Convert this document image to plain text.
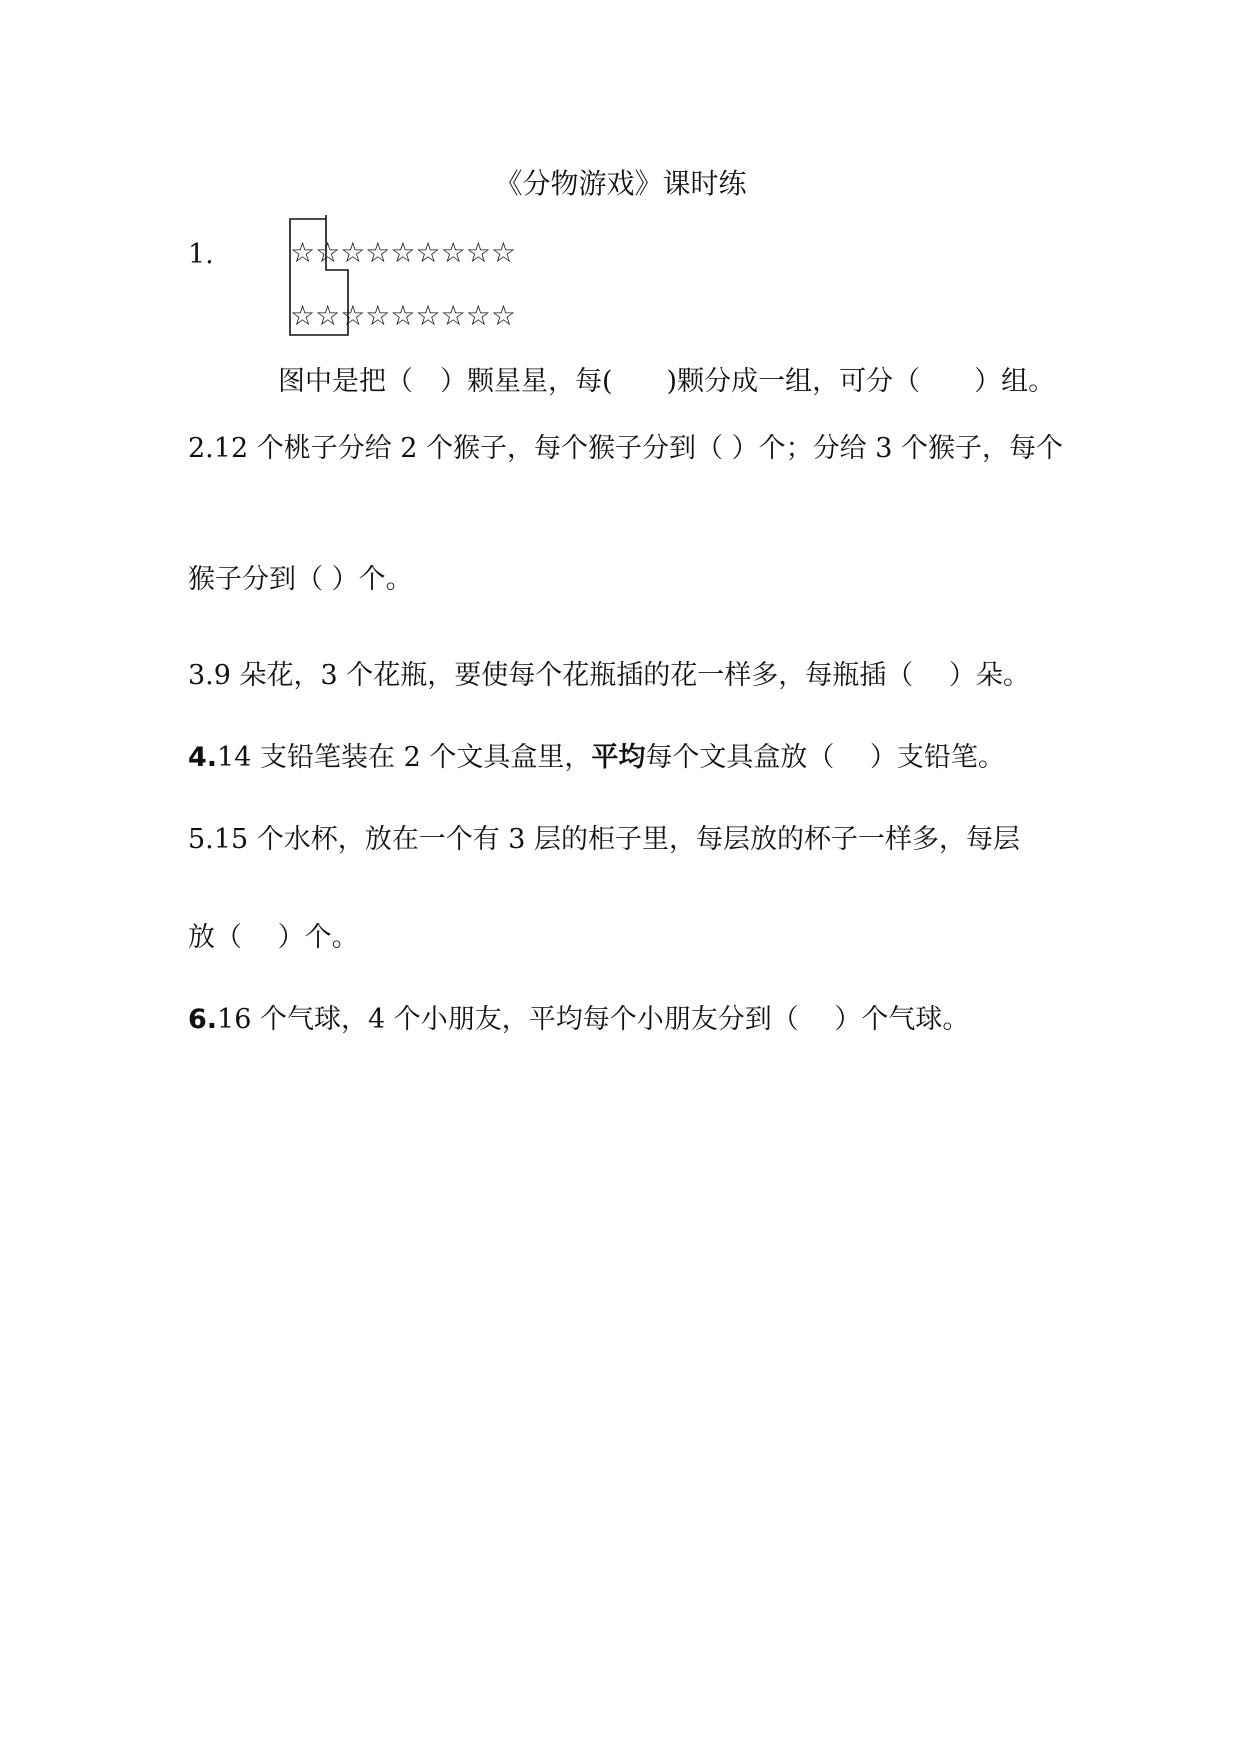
《分物游戏》课时练
1.	☆☆☆☆☆☆☆☆☆
☆☆☆☆☆☆☆☆☆
图中是把（　）颗星星，每(　　)颗分成一组，可分（　　）组。
2.12 个桃子分给 2 个猴子，每个猴子分到（ ）个；分给 3 个猴子，每个
猴子分到（ ）个。
3.9 朵花，3 个花瓶，要使每个花瓶插的花一样多，每瓶插（　 ）朵。
4.14 支铅笔装在 2 个文具盒里，平均每个文具盒放（　 ）支铅笔。
5.15 个水杯，放在一个有 3 层的柜子里，每层放的杯子一样多，每层
放（　 ）个。
6.16 个气球，4 个小朋友，平均每个小朋友分到（　 ）个气球。
